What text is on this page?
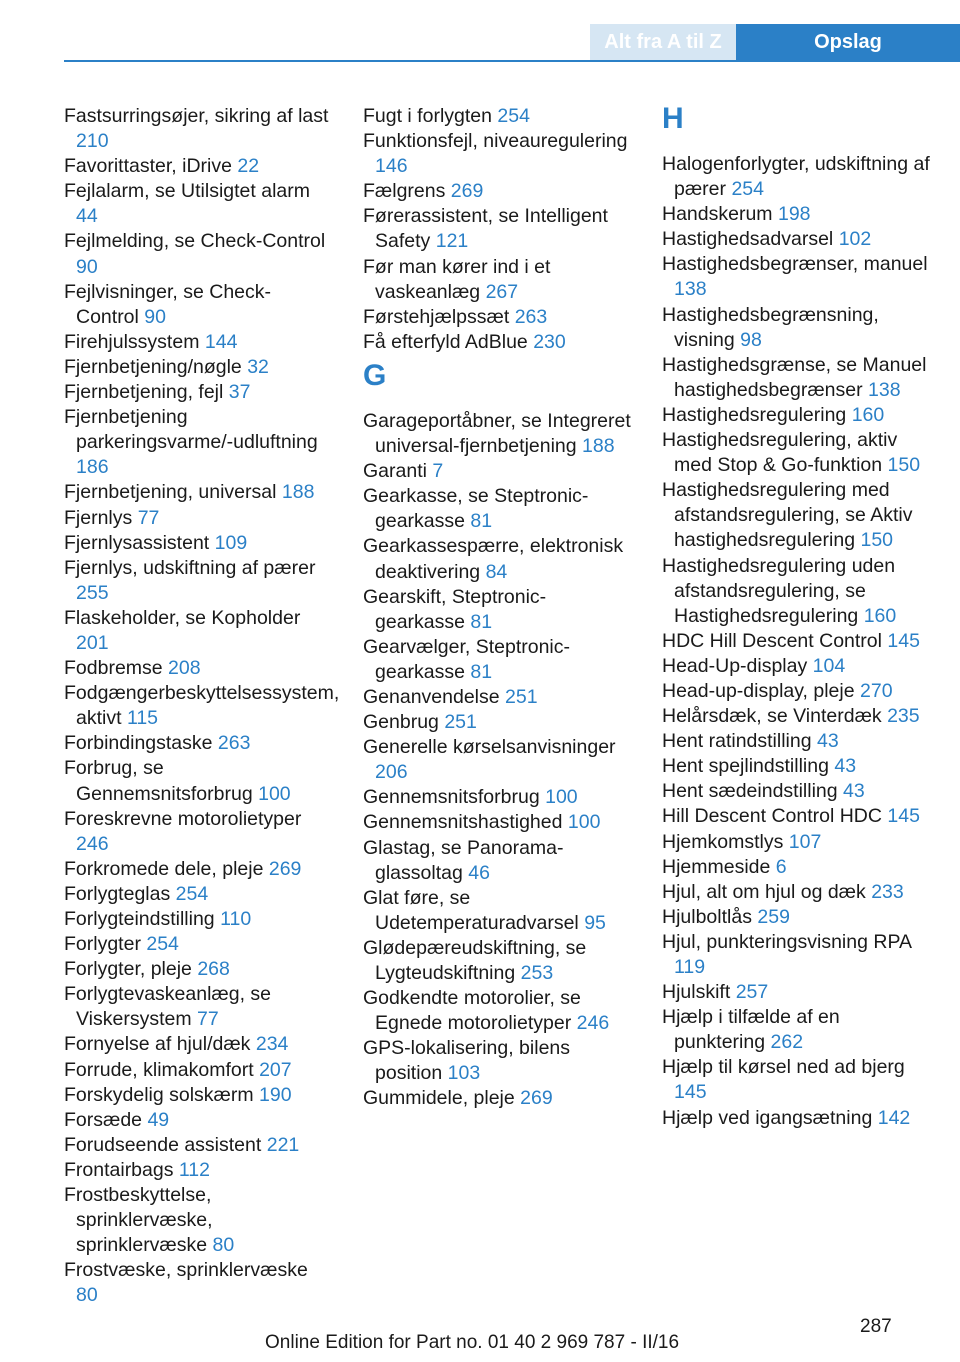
Alt fra A til Z	Opslag
Fastsurringsøjer, sikring af last 210
Favorittaster, iDrive 22
Fejlalarm, se Utilsigtet alarm 44
Fejlmelding, se Check-Control 90
Fejlvisninger, se Check-Control 90
Firehjulssystem 144
Fjernbetjening/nøgle 32
Fjernbetjening, fejl 37
Fjernbetjening parkeringsvarme/-udluftning 186
Fjernbetjening, universal 188
Fjernlys 77
Fjernlysassistent 109
Fjernlys, udskiftning af pærer 255
Flaskeholder, se Kopholder 201
Fodbremse 208
Fodgængerbeskyttelsessystem, aktivt 115
Forbindingstaske 263
Forbrug, se Gennemsnitsforbrug 100
Foreskrevne motorolietyper 246
Forkromede dele, pleje 269
Forlygteglas 254
Forlygteindstilling 110
Forlygter 254
Forlygter, pleje 268
Forlygtevaskeanlæg, se Viskersystem 77
Fornyelse af hjul/dæk 234
Forrude, klimakomfort 207
Forskydelig solskærm 190
Forsæde 49
Forudseende assistent 221
Frontairbags 112
Frostbeskyttelse, sprinklervæske, sprinklervæske 80
Frostvæske, sprinklervæske 80
Fugt i forlygten 254
Funktionsfejl, niveauregulering 146
Fælgrens 269
Førerassistent, se Intelligent Safety 121
Før man kører ind i et vaskeanlæg 267
Førstehjælpssæt 263
Få efterfyld AdBlue 230
G
Garageportåbner, se Integreret universal-fjernbetjening 188
Garanti 7
Gearkasse, se Steptronic-gearkasse 81
Gearkassespærre, elektronisk deaktivering 84
Gearskift, Steptronic-gearkasse 81
Gearvælger, Steptronic-gearkasse 81
Genanvendelse 251
Genbrug 251
Generelle kørselsanvisninger 206
Gennemsnitsforbrug 100
Gennemsnitshastighed 100
Glastag, se Panorama-glassoltag 46
Glat føre, se Udetemperaturadvarsel 95
Glødepæreudskiftning, se Lygteudskiftning 253
Godkendte motorolier, se Egnede motorolietyper 246
GPS-lokalisering, bilens position 103
Gummidele, pleje 269
H
Halogenforlygter, udskiftning af pærer 254
Handskerum 198
Hastighedsadvarsel 102
Hastighedsbegrænser, manuel 138
Hastighedsbegrænsning, visning 98
Hastighedsgrænse, se Manuel hastighedsbegrænser 138
Hastighedsregulering 160
Hastighedsregulering, aktiv med Stop & Go-funktion 150
Hastighedsregulering med afstandsregulering, se Aktiv hastighedsregulering 150
Hastighedsregulering uden afstandsregulering, se Hastighedsregulering 160
HDC Hill Descent Control 145
Head-Up-display 104
Head-up-display, pleje 270
Helårsdæk, se Vinterdæk 235
Hent ratindstilling 43
Hent spejlindstilling 43
Hent sædeindstilling 43
Hill Descent Control HDC 145
Hjemkomstlys 107
Hjemmeside 6
Hjul, alt om hjul og dæk 233
Hjulboltlås 259
Hjul, punkteringsvisning RPA 119
Hjulskift 257
Hjælp i tilfælde af en punktering 262
Hjælp til kørsel ned ad bjerg 145
Hjælp ved igangsætning 142
287
Online Edition for Part no. 01 40 2 969 787 - II/16
